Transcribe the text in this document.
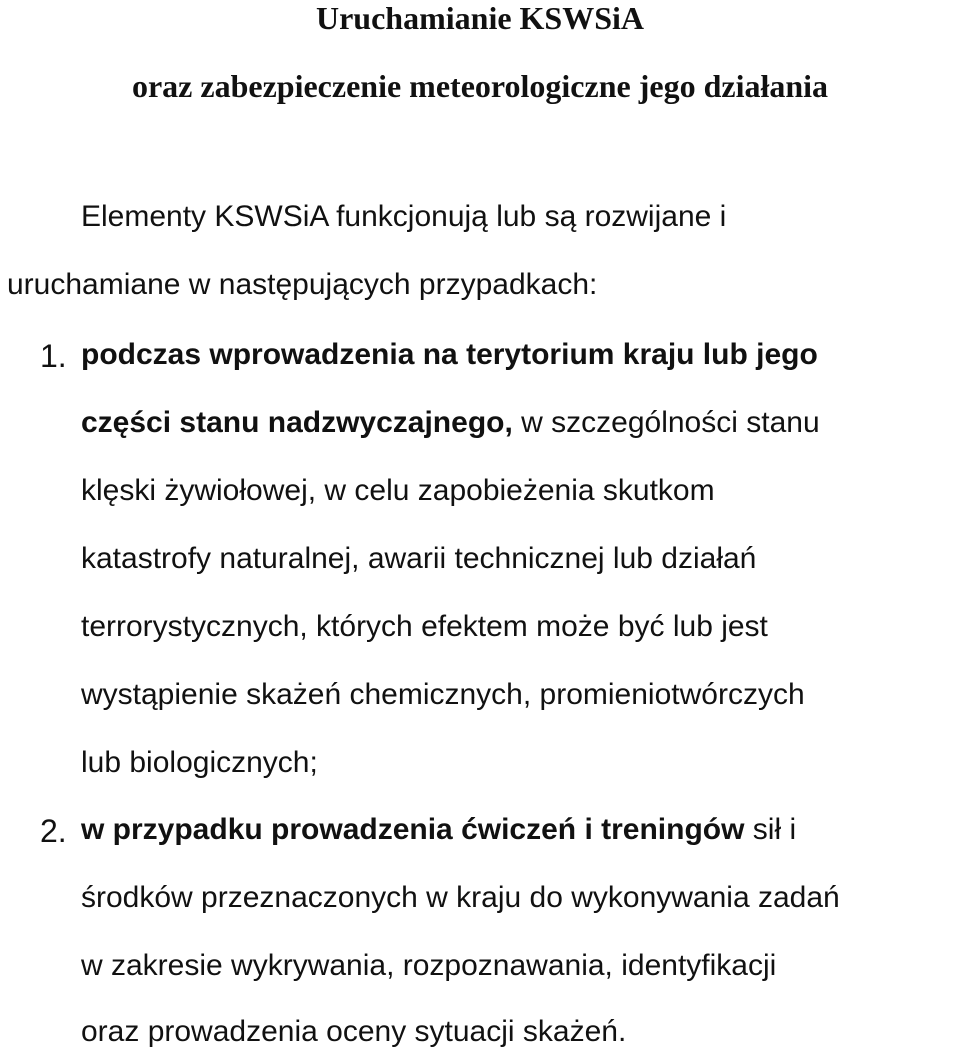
Uruchamianie KSWSiA
oraz zabezpieczenie meteorologiczne jego działania
Elementy KSWSiA funkcjonują lub są rozwijane i
uruchamiane w następujących przypadkach:
1. podczas wprowadzenia na terytorium kraju lub jego
części stanu nadzwyczajnego, w szczególności stanu
klęski żywiołowej, w celu zapobieżenia skutkom
katastrofy naturalnej, awarii technicznej lub działań
terrorystycznych, których efektem może być lub jest
wystąpienie skażeń chemicznych, promieniotwórczych
lub biologicznych;
2. w przypadku prowadzenia ćwiczeń i treningów sił i
środków przeznaczonych w kraju do wykonywania zadań
w zakresie wykrywania, rozpoznawania, identyfikacji
oraz prowadzenia oceny sytuacji skażeń.
